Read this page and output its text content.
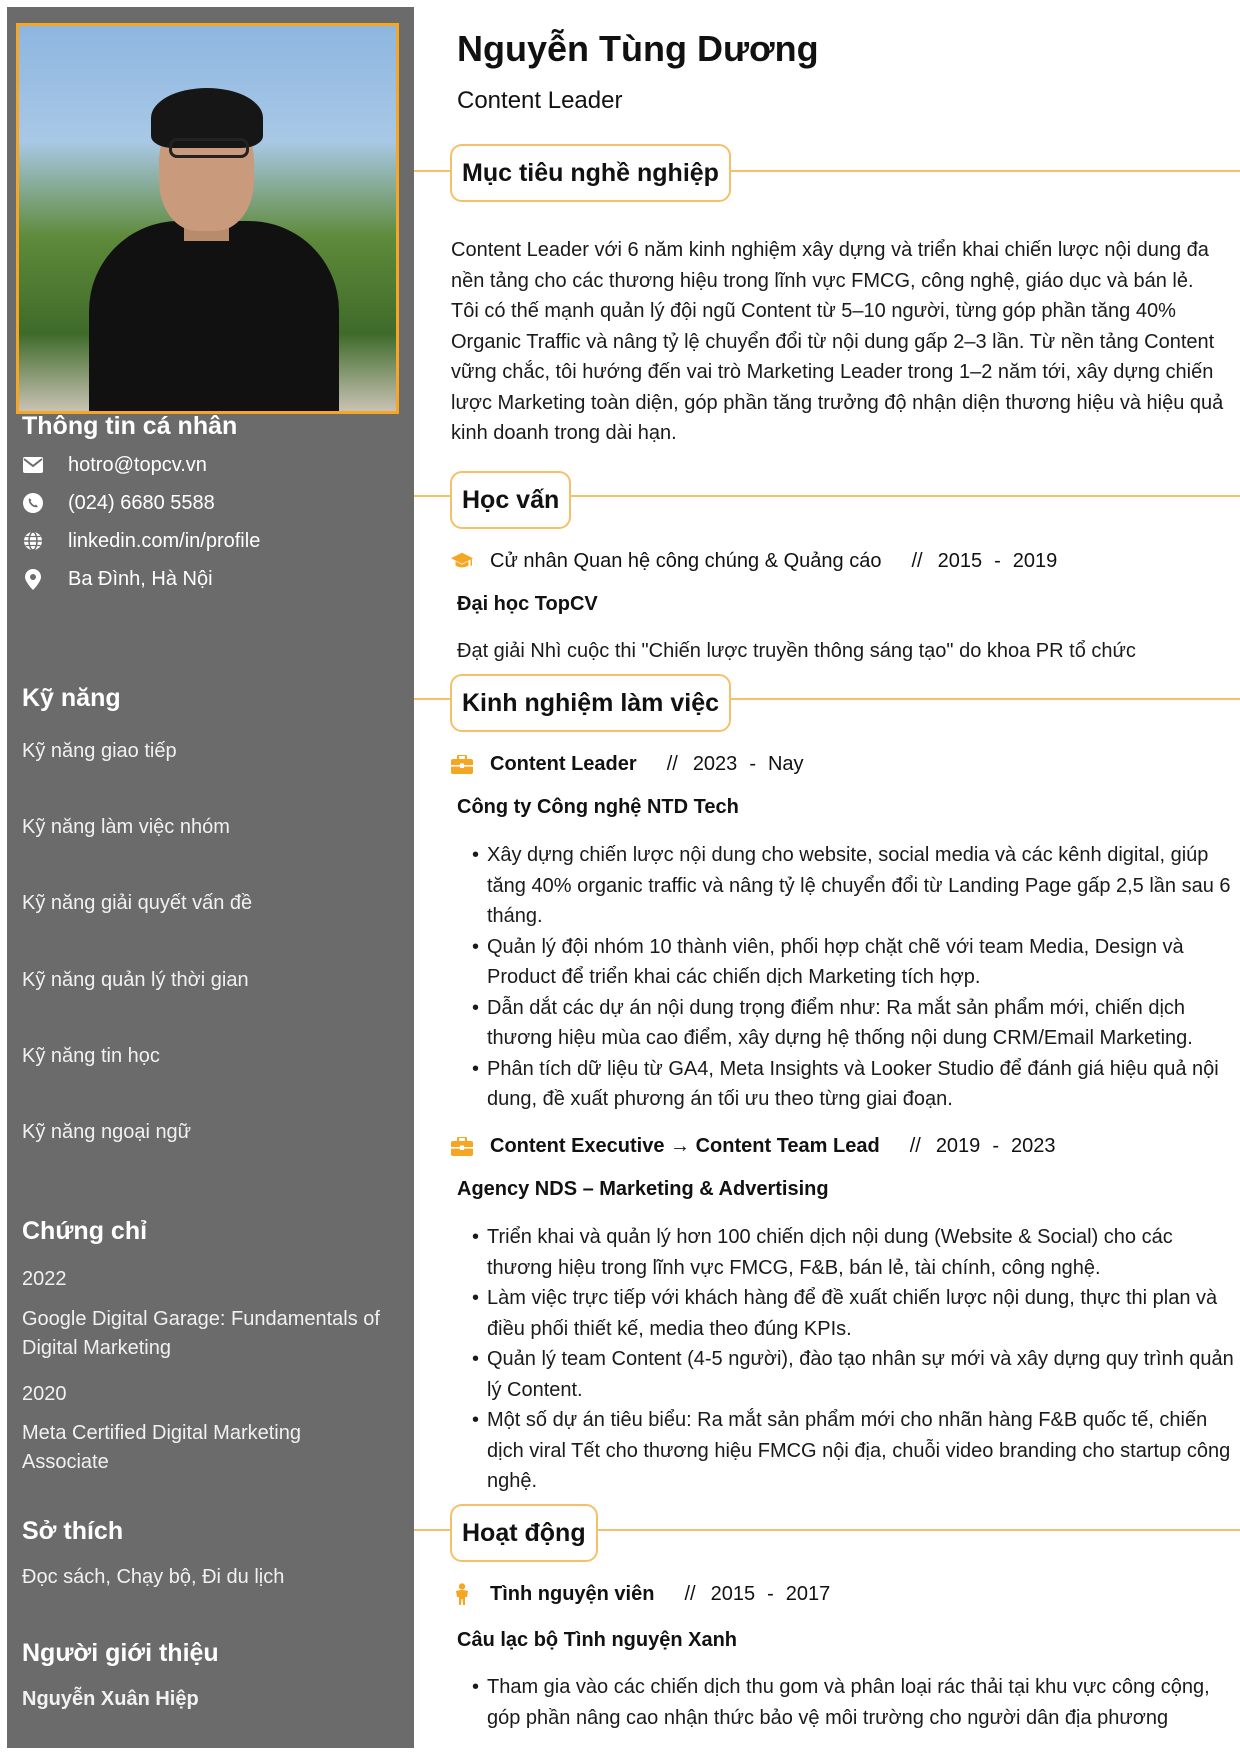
Thông tin cá nhân
hotro@topcv.vn
(024) 6680 5588
linkedin.com/in/profile
Ba Đình, Hà Nội
Kỹ năng
Kỹ năng giao tiếp
Kỹ năng làm việc nhóm
Kỹ năng giải quyết vấn đề
Kỹ năng quản lý thời gian
Kỹ năng tin học
Kỹ năng ngoại ngữ
Chứng chỉ
2022
Google Digital Garage: Fundamentals of Digital Marketing
2020
Meta Certified Digital Marketing Associate
Sở thích
Đọc sách, Chạy bộ, Đi du lịch
Người giới thiệu
Nguyễn Xuân Hiệp
Nguyễn Tùng Dương
Content Leader
Mục tiêu nghề nghiệp
Content Leader với 6 năm kinh nghiệm xây dựng và triển khai chiến lược nội dung đa nền tảng cho các thương hiệu trong lĩnh vực FMCG, công nghệ, giáo dục và bán lẻ. Tôi có thế mạnh quản lý đội ngũ Content từ 5–10 người, từng góp phần tăng 40% Organic Traffic và nâng tỷ lệ chuyển đổi từ nội dung gấp 2–3 lần. Từ nền tảng Content vững chắc, tôi hướng đến vai trò Marketing Leader trong 1–2 năm tới, xây dựng chiến lược Marketing toàn diện, góp phần tăng trưởng độ nhận diện thương hiệu và hiệu quả kinh doanh trong dài hạn.
Học vấn
Cử nhân Quan hệ công chúng & Quảng cáo // 2015 - 2019
Đại học TopCV
Đạt giải Nhì cuộc thi "Chiến lược truyền thông sáng tạo" do khoa PR tổ chức
Kinh nghiệm làm việc
Content Leader // 2023 - Nay
Công ty Công nghệ NTD Tech
• Xây dựng chiến lược nội dung cho website, social media và các kênh digital, giúp tăng 40% organic traffic và nâng tỷ lệ chuyển đổi từ Landing Page gấp 2,5 lần sau 6 tháng.
• Quản lý đội nhóm 10 thành viên, phối hợp chặt chẽ với team Media, Design và Product để triển khai các chiến dịch Marketing tích hợp.
• Dẫn dắt các dự án nội dung trọng điểm như: Ra mắt sản phẩm mới, chiến dịch thương hiệu mùa cao điểm, xây dựng hệ thống nội dung CRM/Email Marketing.
• Phân tích dữ liệu từ GA4, Meta Insights và Looker Studio để đánh giá hiệu quả nội dung, đề xuất phương án tối ưu theo từng giai đoạn.
Content Executive → Content Team Lead // 2019 - 2023
Agency NDS – Marketing & Advertising
• Triển khai và quản lý hơn 100 chiến dịch nội dung (Website & Social) cho các thương hiệu trong lĩnh vực FMCG, F&B, bán lẻ, tài chính, công nghệ.
• Làm việc trực tiếp với khách hàng để đề xuất chiến lược nội dung, thực thi plan và điều phối thiết kế, media theo đúng KPIs.
• Quản lý team Content (4-5 người), đào tạo nhân sự mới và xây dựng quy trình quản lý Content.
• Một số dự án tiêu biểu: Ra mắt sản phẩm mới cho nhãn hàng F&B quốc tế, chiến dịch viral Tết cho thương hiệu FMCG nội địa, chuỗi video branding cho startup công nghệ.
Hoạt động
Tình nguyện viên // 2015 - 2017
Câu lạc bộ Tình nguyện Xanh
• Tham gia vào các chiến dịch thu gom và phân loại rác thải tại khu vực công cộng, góp phần nâng cao nhận thức bảo vệ môi trường cho người dân địa phương
